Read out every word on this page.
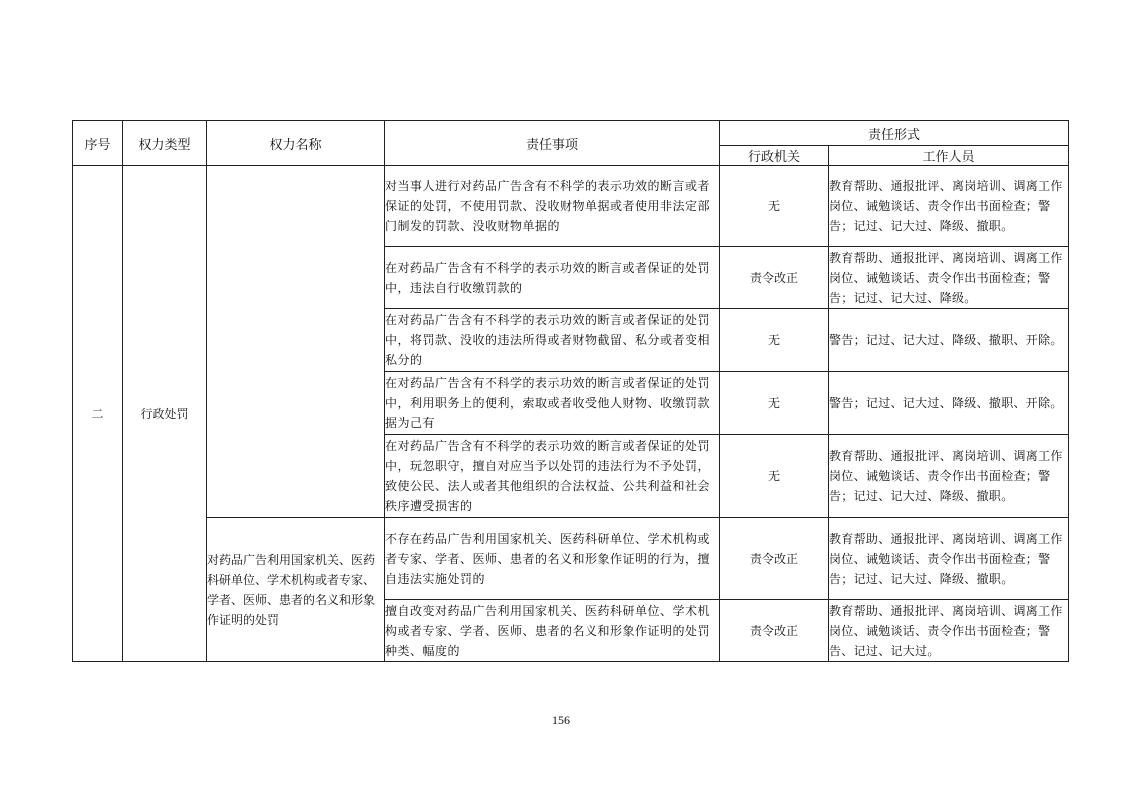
序号	权力类型	权力名称	责任事项	责任形式	
				行政机关	工作人员
二	行政处罚		对当事人进行对药品广告含有不科学的表示功效的断言或者保证的处罚，不使用罚款、没收财物单据或者使用非法定部门制发的罚款、没收财物单据的	无	教育帮助、通报批评、离岗培训、调离工作岗位、诫勉谈话、责令作出书面检查；警告；记过、记大过、降级、撤职。
			在对药品广告含有不科学的表示功效的断言或者保证的处罚中，违法自行收缴罚款的	责令改正	教育帮助、通报批评、离岗培训、调离工作岗位、诫勉谈话、责令作出书面检查；警告；记过、记大过、降级。
			在对药品广告含有不科学的表示功效的断言或者保证的处罚中，将罚款、没收的违法所得或者财物截留、私分或者变相私分的	无	警告；记过、记大过、降级、撤职、开除。
			在对药品广告含有不科学的表示功效的断言或者保证的处罚中，利用职务上的便利，索取或者收受他人财物、收缴罚款据为己有	无	警告；记过、记大过、降级、撤职、开除。
			在对药品广告含有不科学的表示功效的断言或者保证的处罚中，玩忽职守，擅自对应当予以处罚的违法行为不予处罚，致使公民、法人或者其他组织的合法权益、公共利益和社会秩序遭受损害的	无	教育帮助、通报批评、离岗培训、调离工作岗位、诫勉谈话、责令作出书面检查；警告；记过、记大过、降级、撤职。
		对药品广告利用国家机关、医药科研单位、学术机构或者专家、学者、医师、患者的名义和形象作证明的处罚	不存在药品广告利用国家机关、医药科研单位、学术机构或者专家、学者、医师、患者的名义和形象作证明的行为，擅自违法实施处罚的	责令改正	教育帮助、通报批评、离岗培训、调离工作岗位、诫勉谈话、责令作出书面检查；警告；记过、记大过、降级、撤职。
			擅自改变对药品广告利用国家机关、医药科研单位、学术机构或者专家、学者、医师、患者的名义和形象作证明的处罚种类、幅度的	责令改正	教育帮助、通报批评、离岗培训、调离工作岗位、诫勉谈话、责令作出书面检查；警告、记过、记大过。
156
